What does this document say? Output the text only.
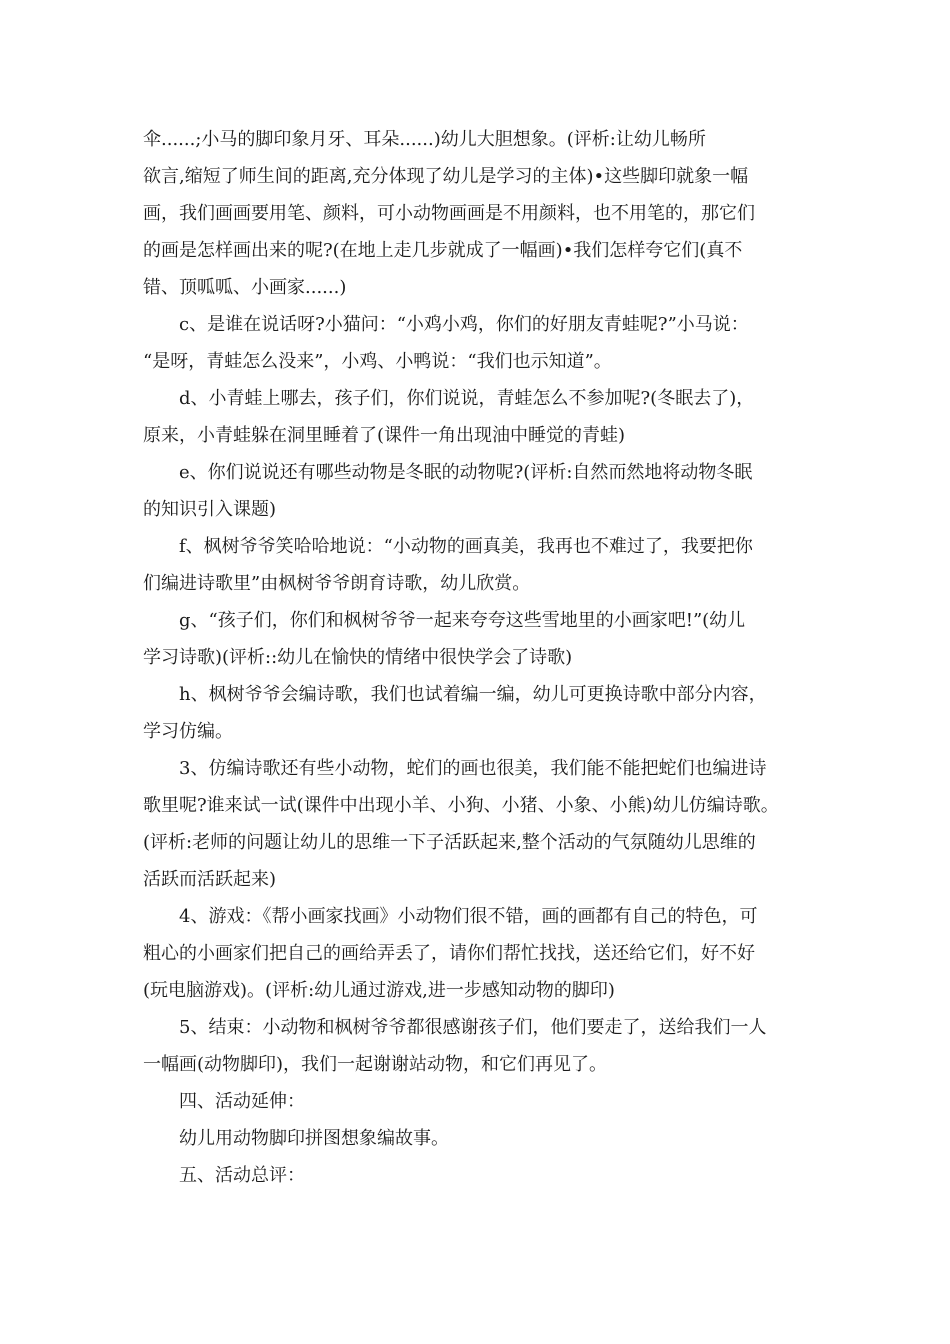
伞......;小马的脚印象月牙、耳朵......)幼儿大胆想象。(评析:让幼儿畅所
欲言,缩短了师生间的距离,充分体现了幼儿是学习的主体)•这些脚印就象一幅
画，我们画画要用笔、颜料，可小动物画画是不用颜料，也不用笔的，那它们
的画是怎样画出来的呢?(在地上走几步就成了一幅画)•我们怎样夸它们(真不
错、顶呱呱、小画家......)

c、是谁在说话呀?小猫问：“小鸡小鸡，你们的好朋友青蛙呢?”小马说：
“是呀，青蛙怎么没来”，小鸡、小鸭说：“我们也示知道”。

d、小青蛙上哪去，孩子们，你们说说，青蛙怎么不参加呢?(冬眠去了)，
原来，小青蛙躲在洞里睡着了(课件一角出现油中睡觉的青蛙)

e、你们说说还有哪些动物是冬眠的动物呢?(评析:自然而然地将动物冬眠
的知识引入课题)

f、枫树爷爷笑哈哈地说：“小动物的画真美，我再也不难过了，我要把你
们编进诗歌里”由枫树爷爷朗育诗歌，幼儿欣赏。

g、“孩子们，你们和枫树爷爷一起来夸夸这些雪地里的小画家吧!”(幼儿
学习诗歌)(评析::幼儿在愉快的情绪中很快学会了诗歌)

h、枫树爷爷会编诗歌，我们也试着编一编，幼儿可更换诗歌中部分内容，
学习仿编。

3、仿编诗歌还有些小动物，蛇们的画也很美，我们能不能把蛇们也编进诗
歌里呢?谁来试一试(课件中出现小羊、小狗、小猪、小象、小熊)幼儿仿编诗歌。
(评析:老师的问题让幼儿的思维一下子活跃起来,整个活动的气氛随幼儿思维的
活跃而活跃起来)

4、游戏：《帮小画家找画》小动物们很不错，画的画都有自己的特色，可
粗心的小画家们把自己的画给弄丢了，请你们帮忙找找，送还给它们，好不好
(玩电脑游戏)。(评析:幼儿通过游戏,进一步感知动物的脚印)

5、结束：小动物和枫树爷爷都很感谢孩子们，他们要走了，送给我们一人
一幅画(动物脚印)，我们一起谢谢站动物，和它们再见了。

四、活动延伸：

幼儿用动物脚印拼图想象编故事。

五、活动总评：
